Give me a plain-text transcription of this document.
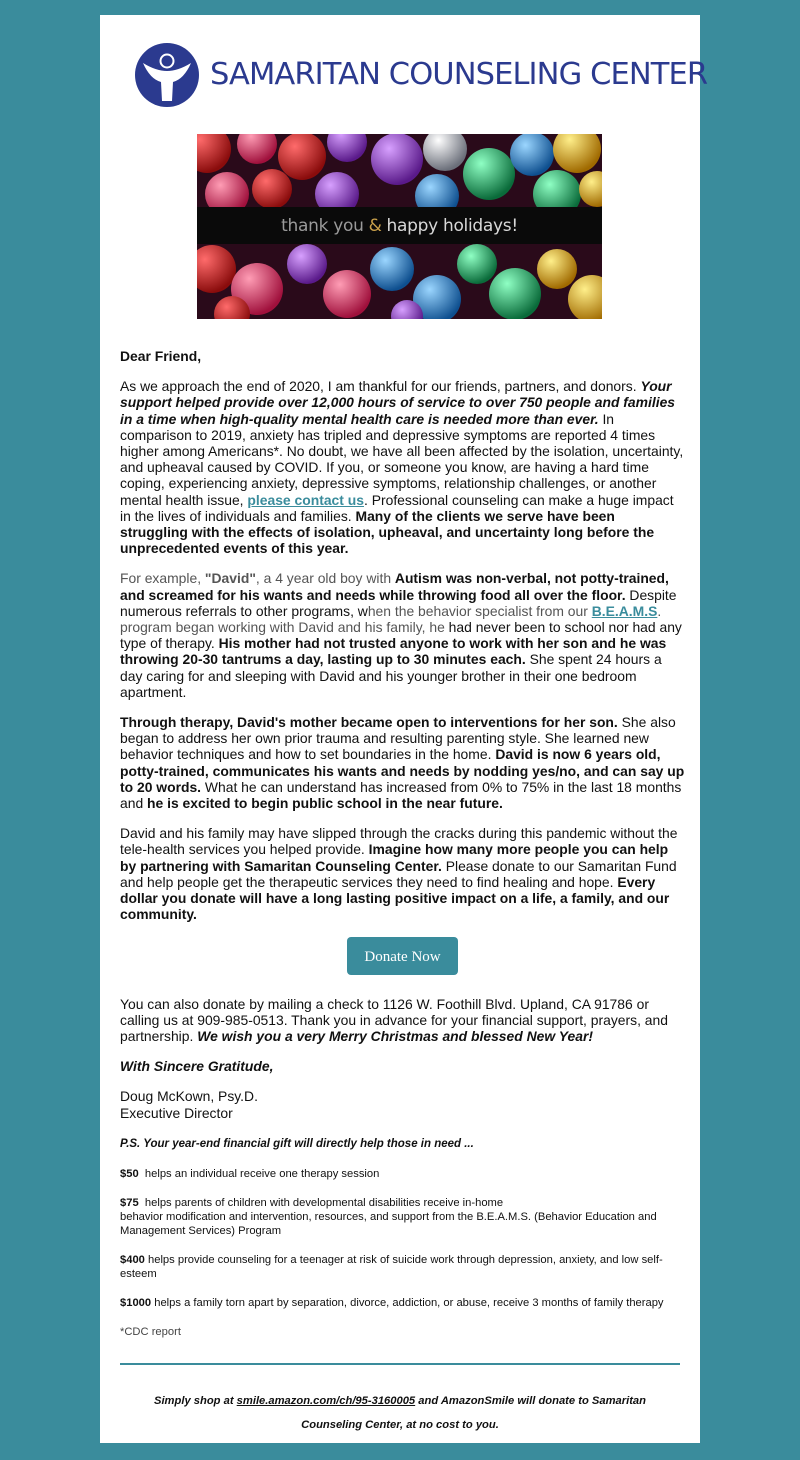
SAMARITAN COUNSELING CENTER
thank you & happy holidays!

Dear Friend,

As we approach the end of 2020, I am thankful for our friends, partners, and donors. Your support helped provide over 12,000 hours of service to over 750 people and families in a time when high-quality mental health care is needed more than ever. In comparison to 2019, anxiety has tripled and depressive symptoms are reported 4 times higher among Americans*. No doubt, we have all been affected by the isolation, uncertainty, and upheaval caused by COVID. If you, or someone you know, are having a hard time coping, experiencing anxiety, depressive symptoms, relationship challenges, or another mental health issue, please contact us. Professional counseling can make a huge impact in the lives of individuals and families. Many of the clients we serve have been struggling with the effects of isolation, upheaval, and uncertainty long before the unprecedented events of this year.

For example, "David", a 4 year old boy with Autism was non-verbal, not potty-trained, and screamed for his wants and needs while throwing food all over the floor. Despite numerous referrals to other programs, when the behavior specialist from our B.E.A.M.S. program began working with David and his family, he had never been to school nor had any type of therapy. His mother had not trusted anyone to work with her son and he was throwing 20-30 tantrums a day, lasting up to 30 minutes each. She spent 24 hours a day caring for and sleeping with David and his younger brother in their one bedroom apartment.

Through therapy, David's mother became open to interventions for her son. She also began to address her own prior trauma and resulting parenting style. She learned new behavior techniques and how to set boundaries in the home. David is now 6 years old, potty-trained, communicates his wants and needs by nodding yes/no, and can say up to 20 words. What he can understand has increased from 0% to 75% in the last 18 months and he is excited to begin public school in the near future.

David and his family may have slipped through the cracks during this pandemic without the tele-health services you helped provide. Imagine how many more people you can help by partnering with Samaritan Counseling Center. Please donate to our Samaritan Fund and help people get the therapeutic services they need to find healing and hope. Every dollar you donate will have a long lasting positive impact on a life, a family, and our community.

Donate Now

You can also donate by mailing a check to 1126 W. Foothill Blvd. Upland, CA 91786 or calling us at 909-985-0513. Thank you in advance for your financial support, prayers, and partnership. We wish you a very Merry Christmas and blessed New Year!

With Sincere Gratitude,

Doug McKown, Psy.D.
Executive Director

P.S. Your year-end financial gift will directly help those in need ...

$50  helps an individual receive one therapy session

$75  helps parents of children with developmental disabilities receive in-home
behavior modification and intervention, resources, and support from the B.E.A.M.S. (Behavior Education and Management Services) Program

$400 helps provide counseling for a teenager at risk of suicide work through depression, anxiety, and low self-esteem

$1000 helps a family torn apart by separation, divorce, addiction, or abuse, receive 3 months of family therapy

*CDC report

Simply shop at smile.amazon.com/ch/95-3160005 and AmazonSmile will donate to Samaritan Counseling Center, at no cost to you.
